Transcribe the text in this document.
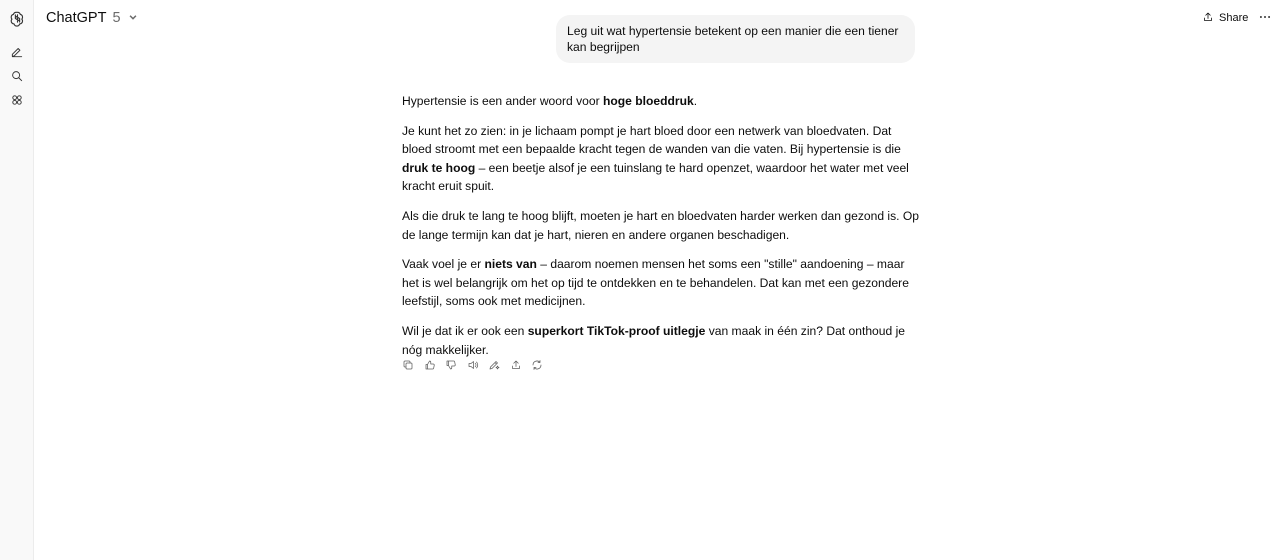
ChatGPT 5	Share
Leg uit wat hypertensie betekent op een manier die een tiener kan begrijpen

Hypertensie is een ander woord voor hoge bloeddruk.

Je kunt het zo zien: in je lichaam pompt je hart bloed door een netwerk van bloedvaten. Dat bloed stroomt met een bepaalde kracht tegen de wanden van die vaten. Bij hypertensie is die druk te hoog – een beetje alsof je een tuinslang te hard openzet, waardoor het water met veel kracht eruit spuit.

Als die druk te lang te hoog blijft, moeten je hart en bloedvaten harder werken dan gezond is. Op de lange termijn kan dat je hart, nieren en andere organen beschadigen.

Vaak voel je er niets van – daarom noemen mensen het soms een "stille" aandoening – maar het is wel belangrijk om het op tijd te ontdekken en te behandelen. Dat kan met een gezondere leefstijl, soms ook met medicijnen.

Wil je dat ik er ook een superkort TikTok-proof uitlegje van maak in één zin? Dat onthoud je nóg makkelijker.
